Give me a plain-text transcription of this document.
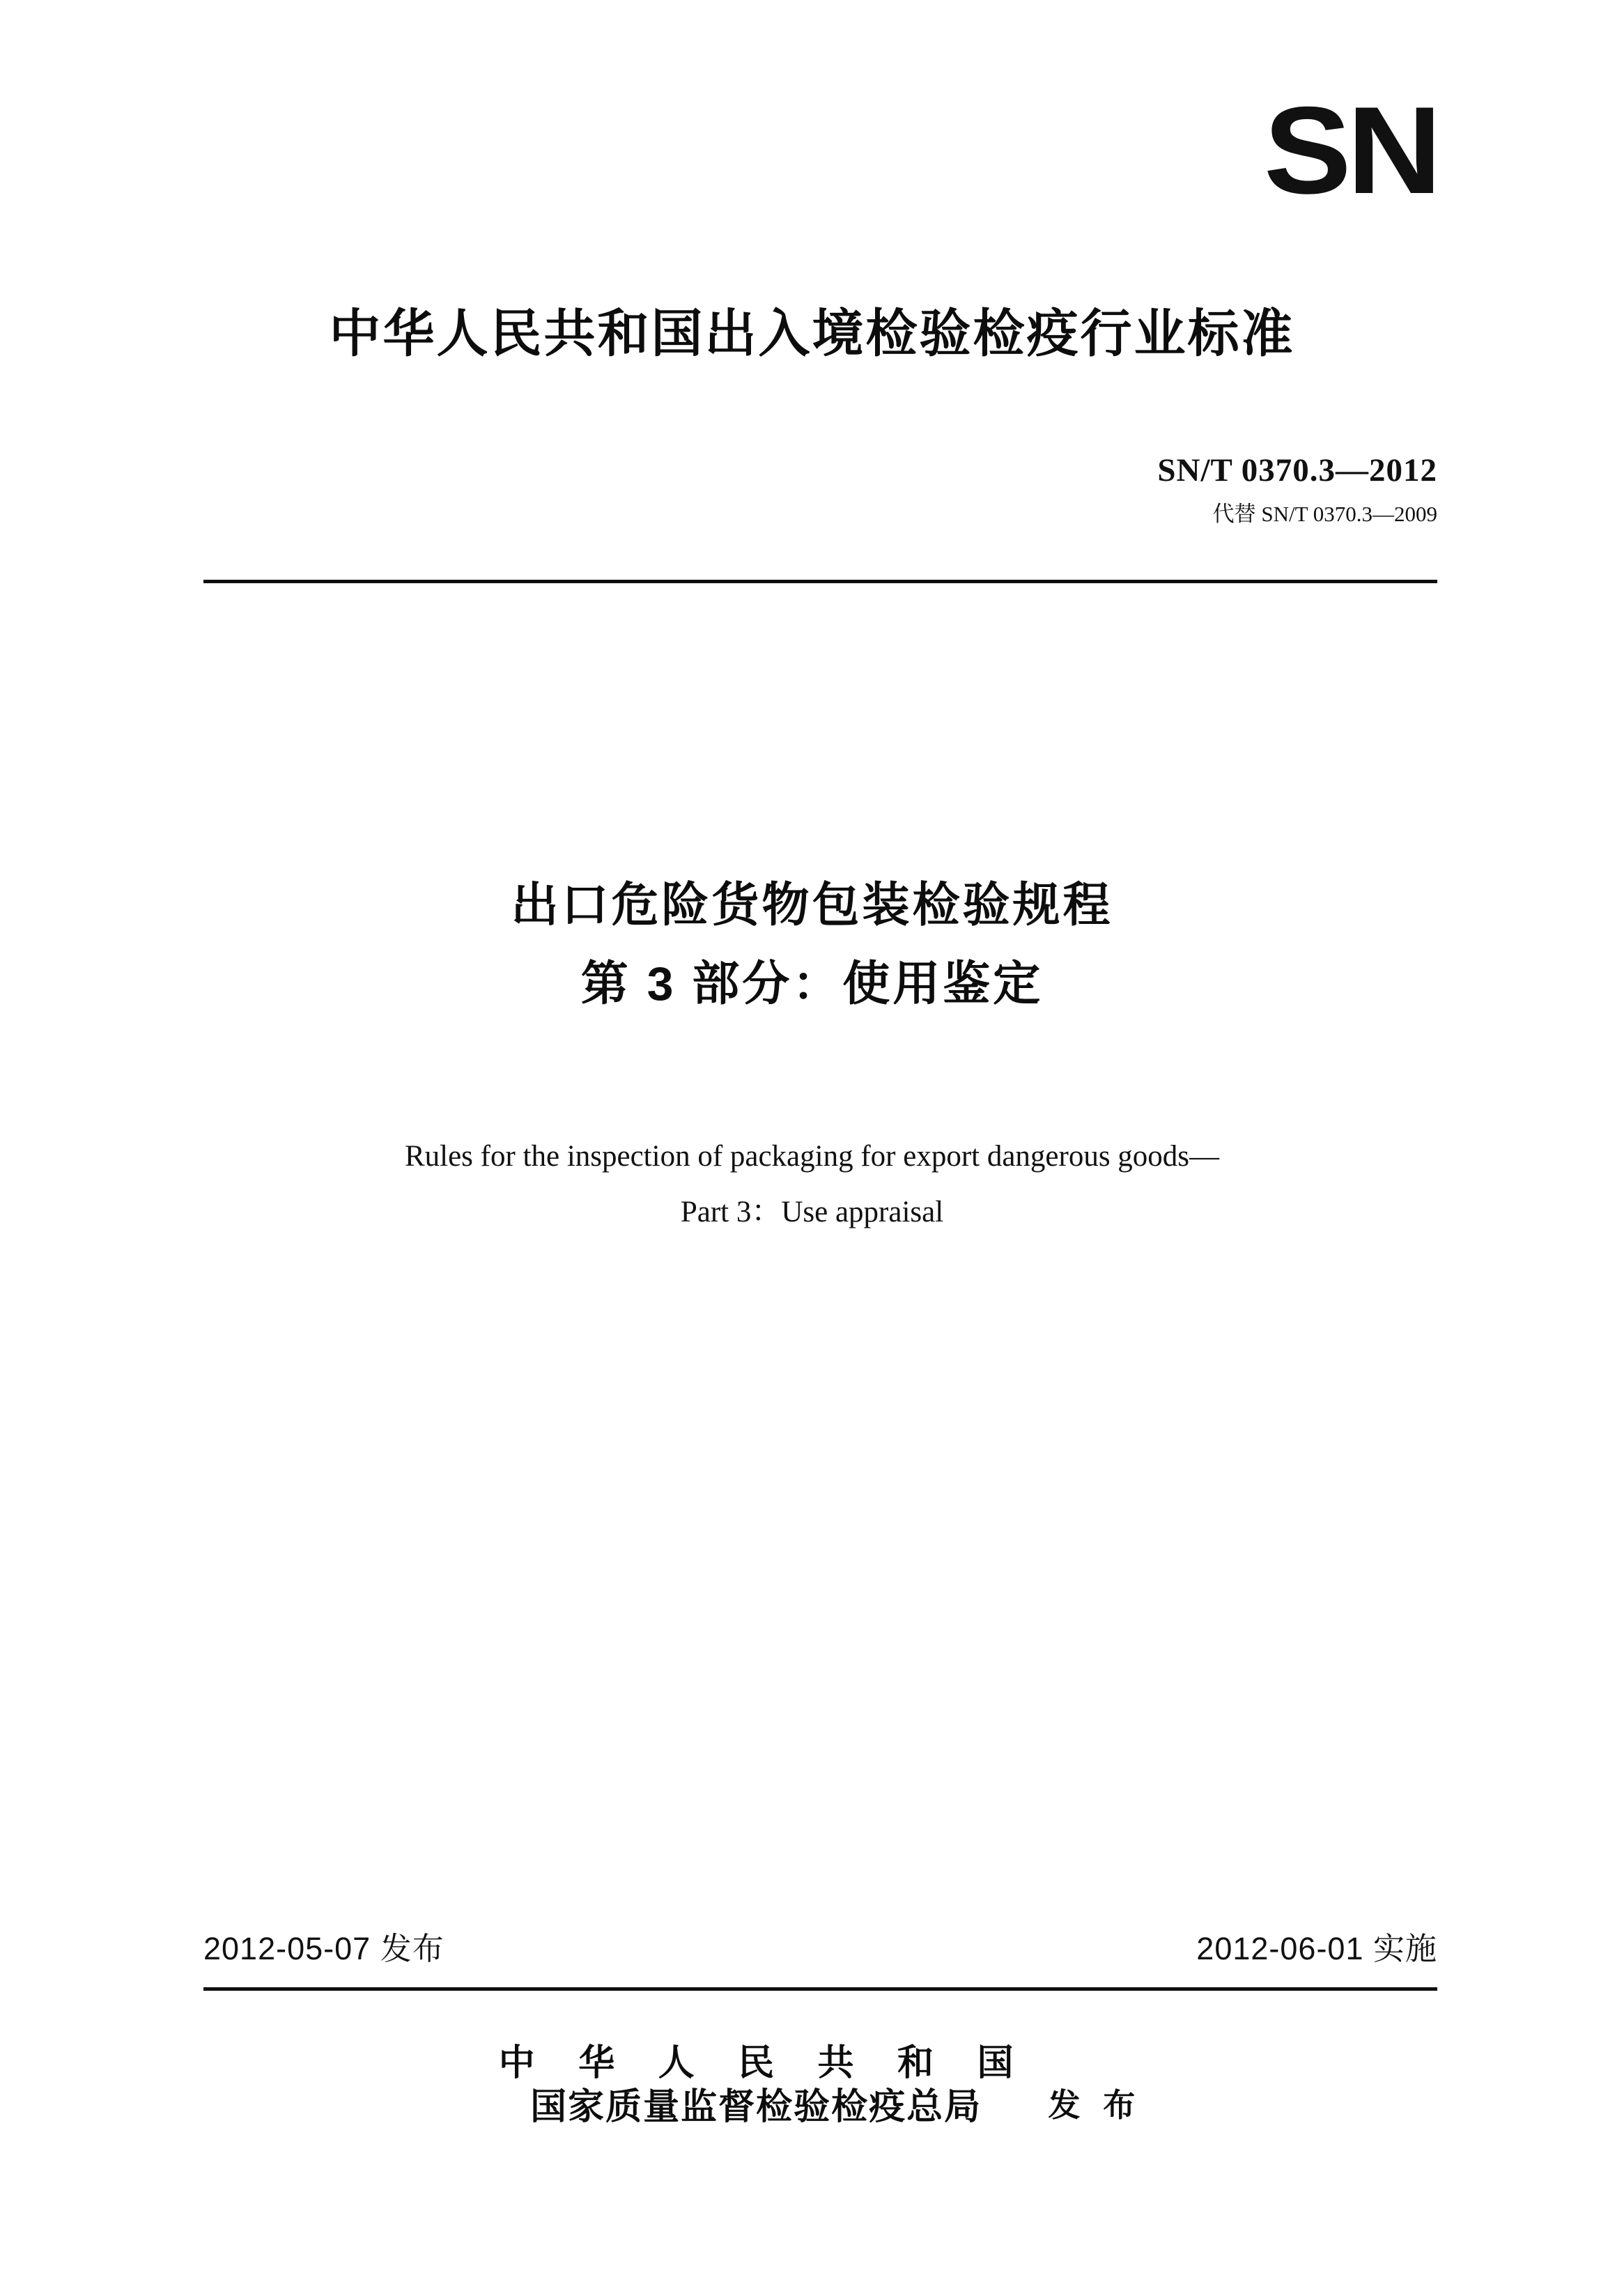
SN
中华人民共和国出入境检验检疫行业标准
SN/T 0370.3—2012
代替 SN/T 0370.3—2009
出口危险货物包装检验规程
第 3 部分：使用鉴定
Rules for the inspection of packaging for export dangerous goods—
Part 3：Use appraisal
2012-05-07 发布	2012-06-01 实施
中 华 人 民 共 和 国
国家质量监督检验检疫总局	发 布
